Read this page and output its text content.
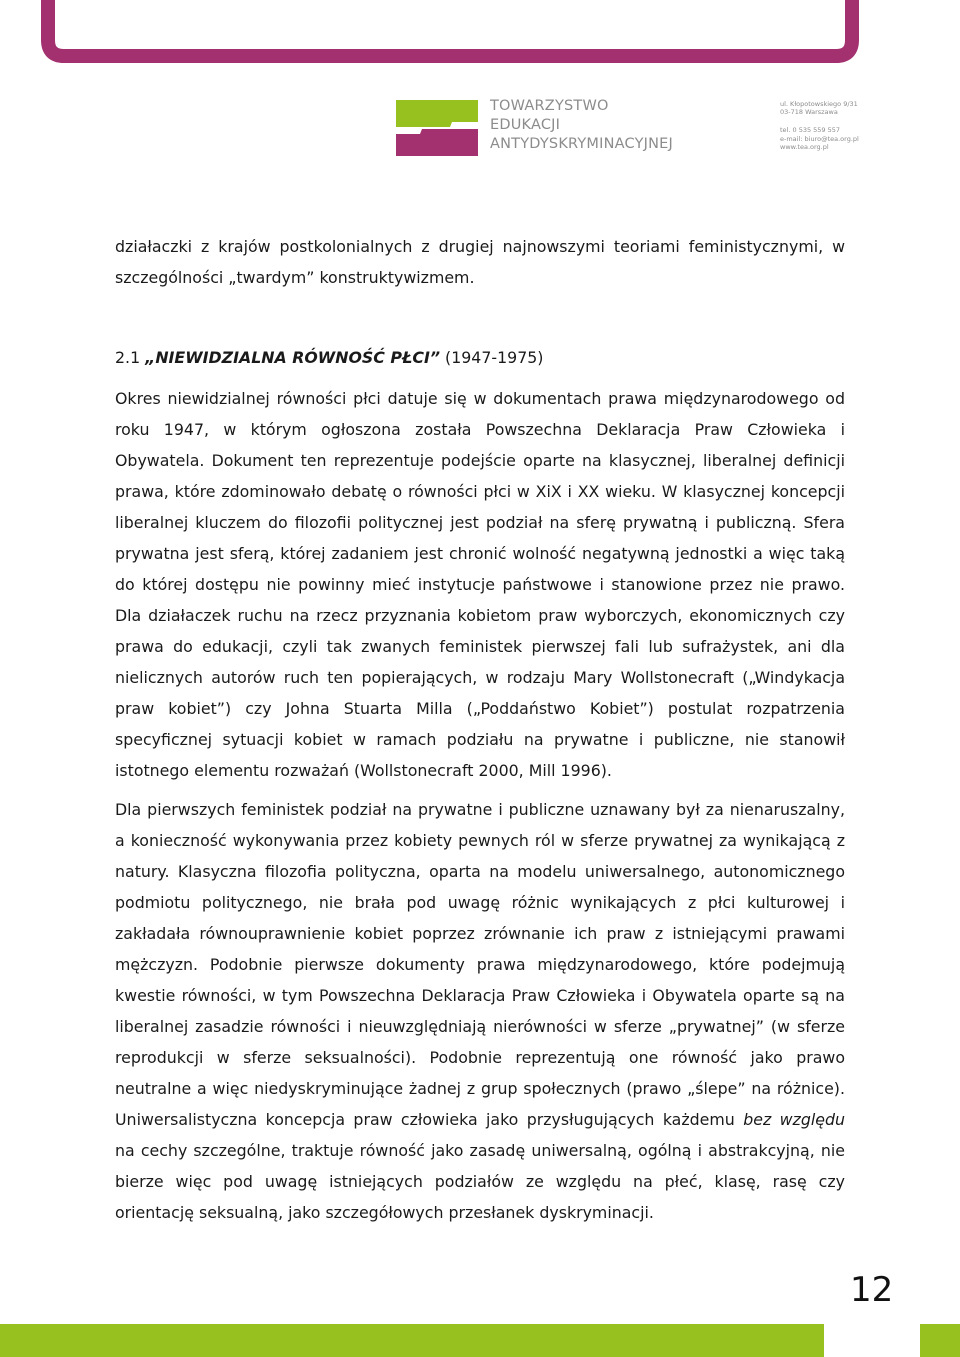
TOWARZYSTWO
EDUKACJI
ANTYDYSKRYMINACYJNEJ
ul. Kłopotowskiego 9/31
03-718 Warszawa
tel. 0 535 559 557
e-mail: biuro@tea.org.pl
www.tea.org.pl
działaczki z krajów postkolonialnych z drugiej najnowszymi teoriami feministycznymi, w
szczególności „twardym” konstruktywizmem.
2.1 „NIEWIDZIALNA RÓWNOŚĆ PŁCI” (1947-1975)
Okres niewidzialnej równości płci datuje się w dokumentach prawa międzynarodowego od
roku 1947, w którym ogłoszona została Powszechna Deklaracja Praw Człowieka i
Obywatela. Dokument ten reprezentuje podejście oparte na klasycznej, liberalnej definicji
prawa, które zdominowało debatę o równości płci w XiX i XX wieku. W klasycznej koncepcji
liberalnej kluczem do filozofii politycznej jest podział na sferę prywatną i publiczną. Sfera
prywatna jest sferą, której zadaniem jest chronić wolność negatywną jednostki a więc taką
do której dostępu nie powinny mieć instytucje państwowe i stanowione przez nie prawo.
Dla działaczek ruchu na rzecz przyznania kobietom praw wyborczych, ekonomicznych czy
prawa do edukacji, czyli tak zwanych feministek pierwszej fali lub sufrażystek, ani dla
nielicznych autorów ruch ten popierających, w rodzaju Mary Wollstonecraft („Windykacja
praw kobiet”) czy Johna Stuarta Milla („Poddaństwo Kobiet”) postulat rozpatrzenia
specyficznej sytuacji kobiet w ramach podziału na prywatne i publiczne, nie stanowił
istotnego elementu rozważań (Wollstonecraft 2000, Mill 1996).
Dla pierwszych feministek podział na prywatne i publiczne uznawany był za nienaruszalny,
a konieczność wykonywania przez kobiety pewnych ról w sferze prywatnej za wynikającą z
natury. Klasyczna filozofia polityczna, oparta na modelu uniwersalnego, autonomicznego
podmiotu politycznego, nie brała pod uwagę różnic wynikających z płci kulturowej i
zakładała równouprawnienie kobiet poprzez zrównanie ich praw z istniejącymi prawami
mężczyzn. Podobnie pierwsze dokumenty prawa międzynarodowego, które podejmują
kwestie równości, w tym Powszechna Deklaracja Praw Człowieka i Obywatela oparte są na
liberalnej zasadzie równości i nieuwzględniają nierówności w sferze „prywatnej” (w sferze
reprodukcji w sferze seksualności). Podobnie reprezentują one równość jako prawo
neutralne a więc niedyskryminujące żadnej z grup społecznych (prawo „ślepe” na różnice).
Uniwersalistyczna koncepcja praw człowieka jako przysługujących każdemu bez względu
na cechy szczególne, traktuje równość jako zasadę uniwersalną, ogólną i abstrakcyjną, nie
bierze więc pod uwagę istniejących podziałów ze względu na płeć, klasę, rasę czy
orientację seksualną, jako szczegółowych przesłanek dyskryminacji.
12
